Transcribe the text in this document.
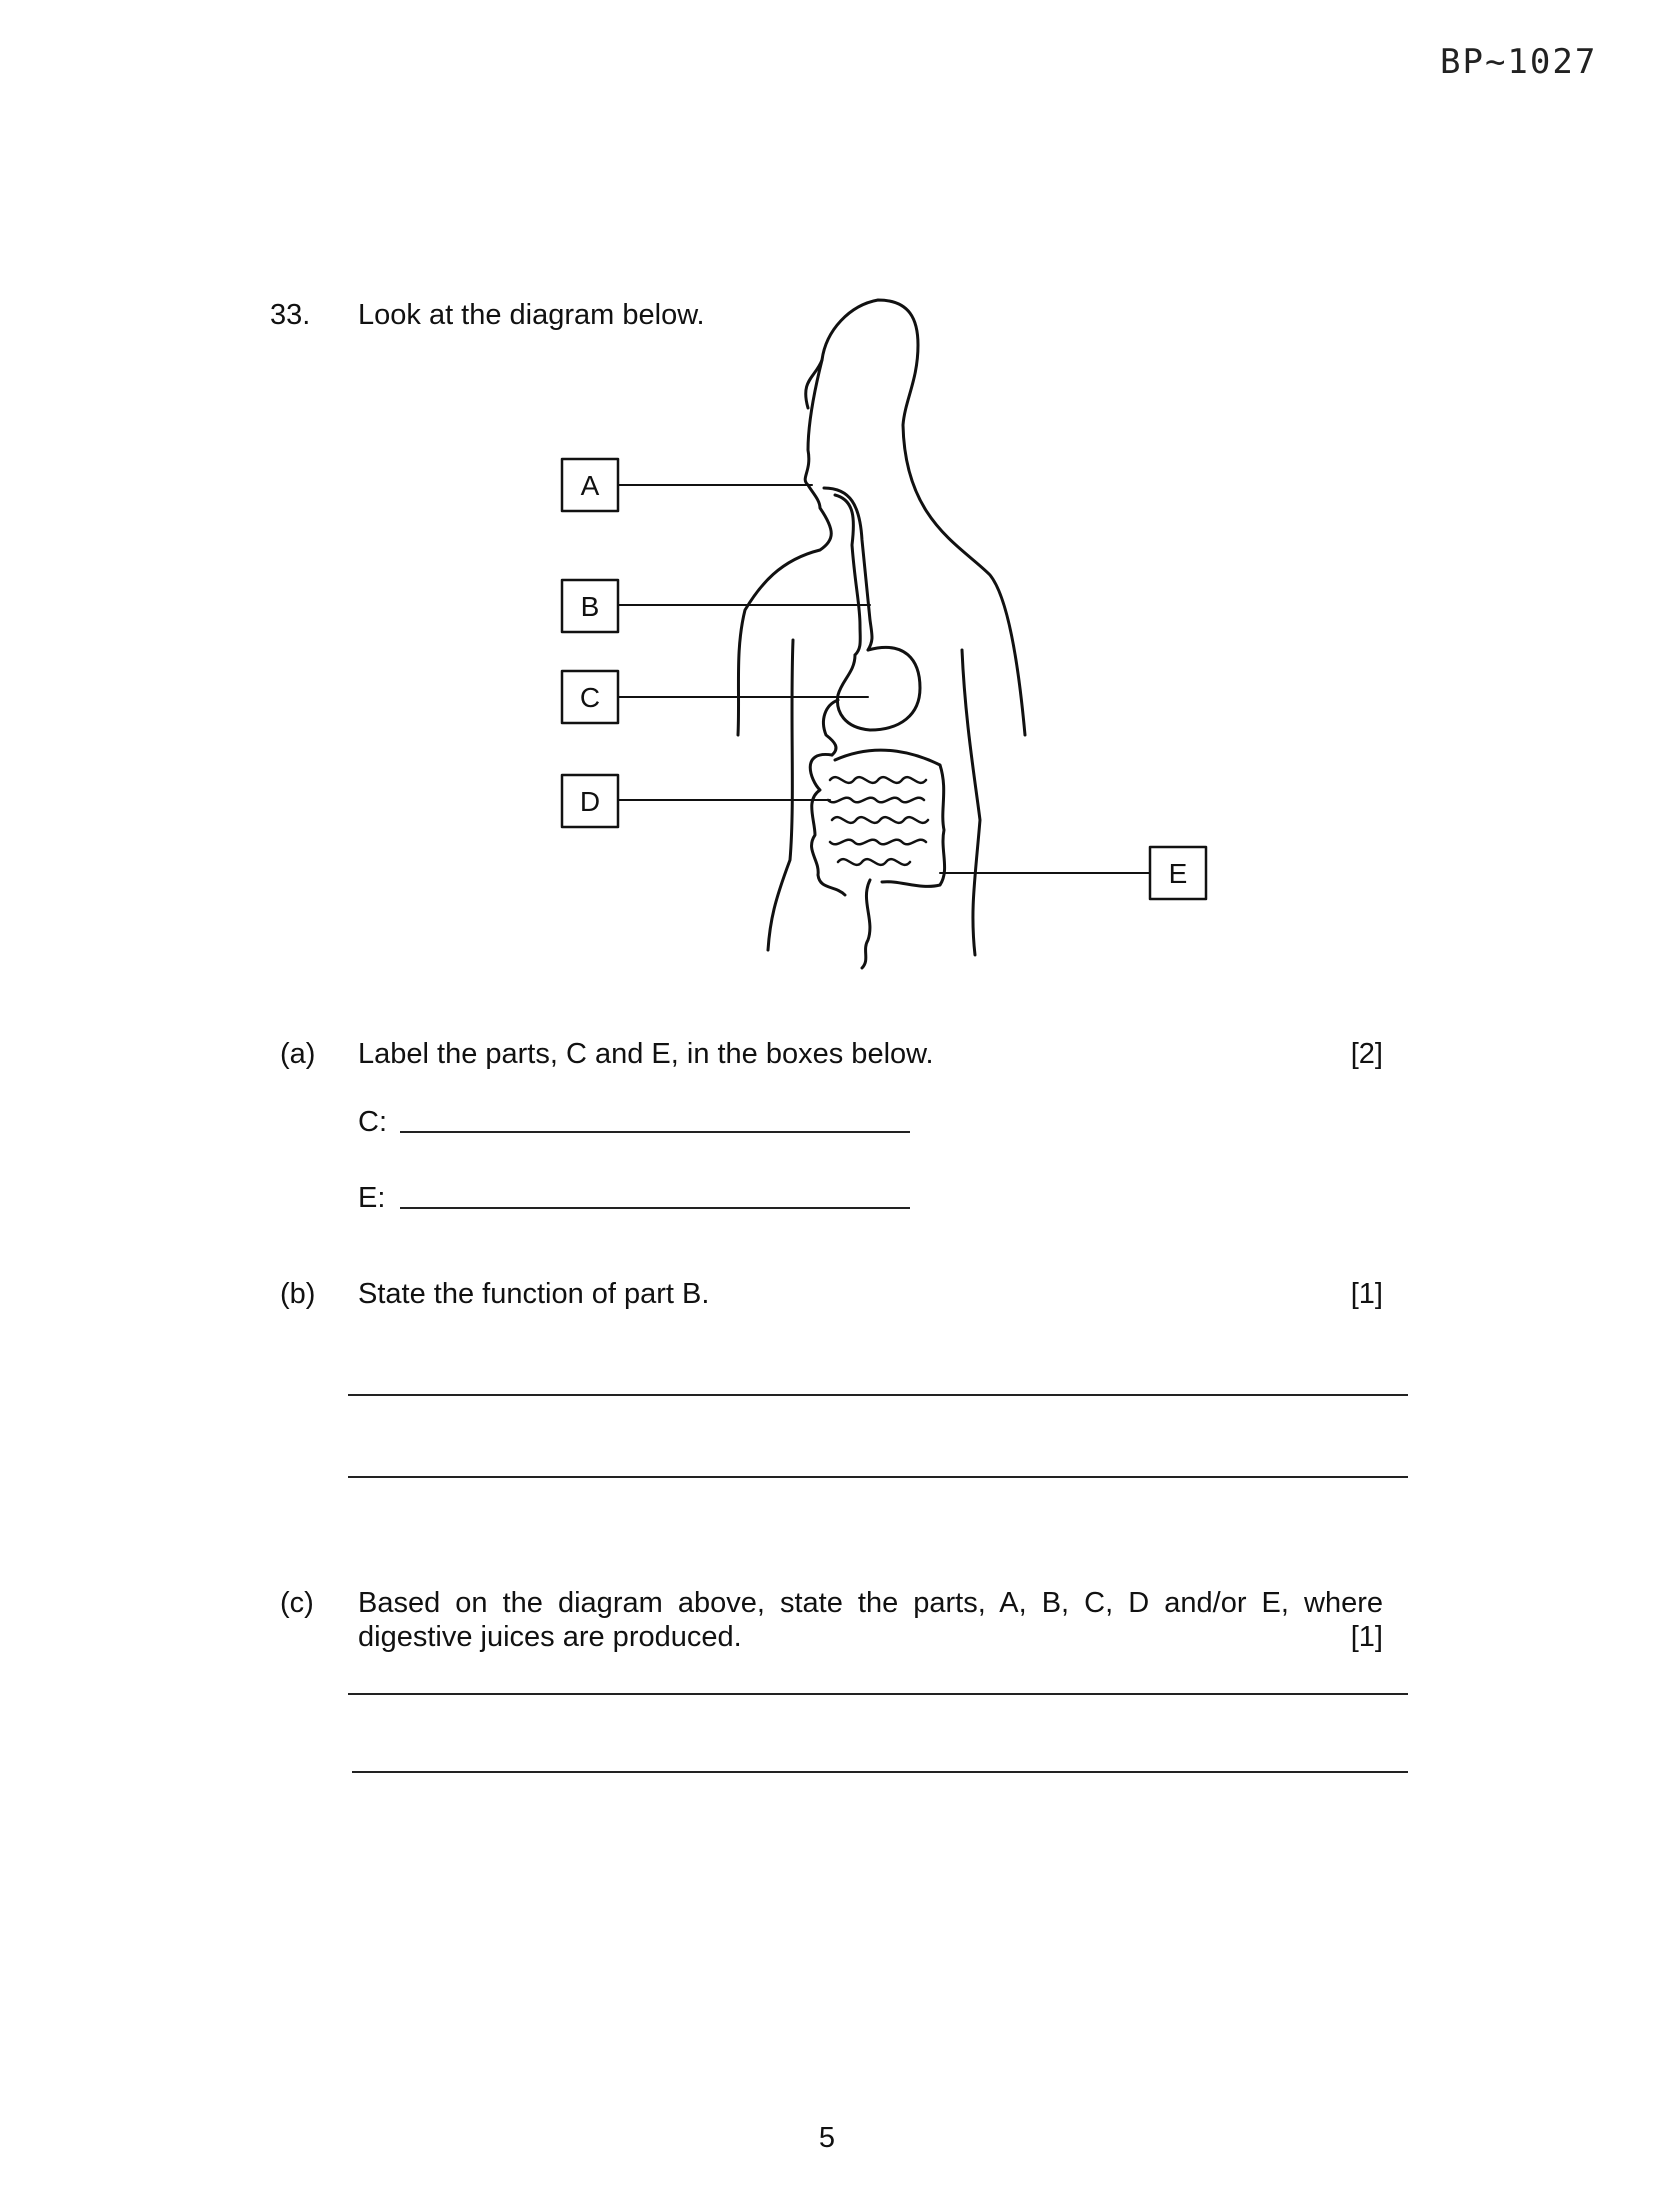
BP~1027
33. Look at the diagram below.
A
B
C
D
E
(a) Label the parts, C and E, in the boxes below.	[2]
C:
E:
(b) State the function of part B.	[1]
(c) Based on the diagram above, state the parts, A, B, C, D and/or E, where
digestive juices are produced.	[1]
5
